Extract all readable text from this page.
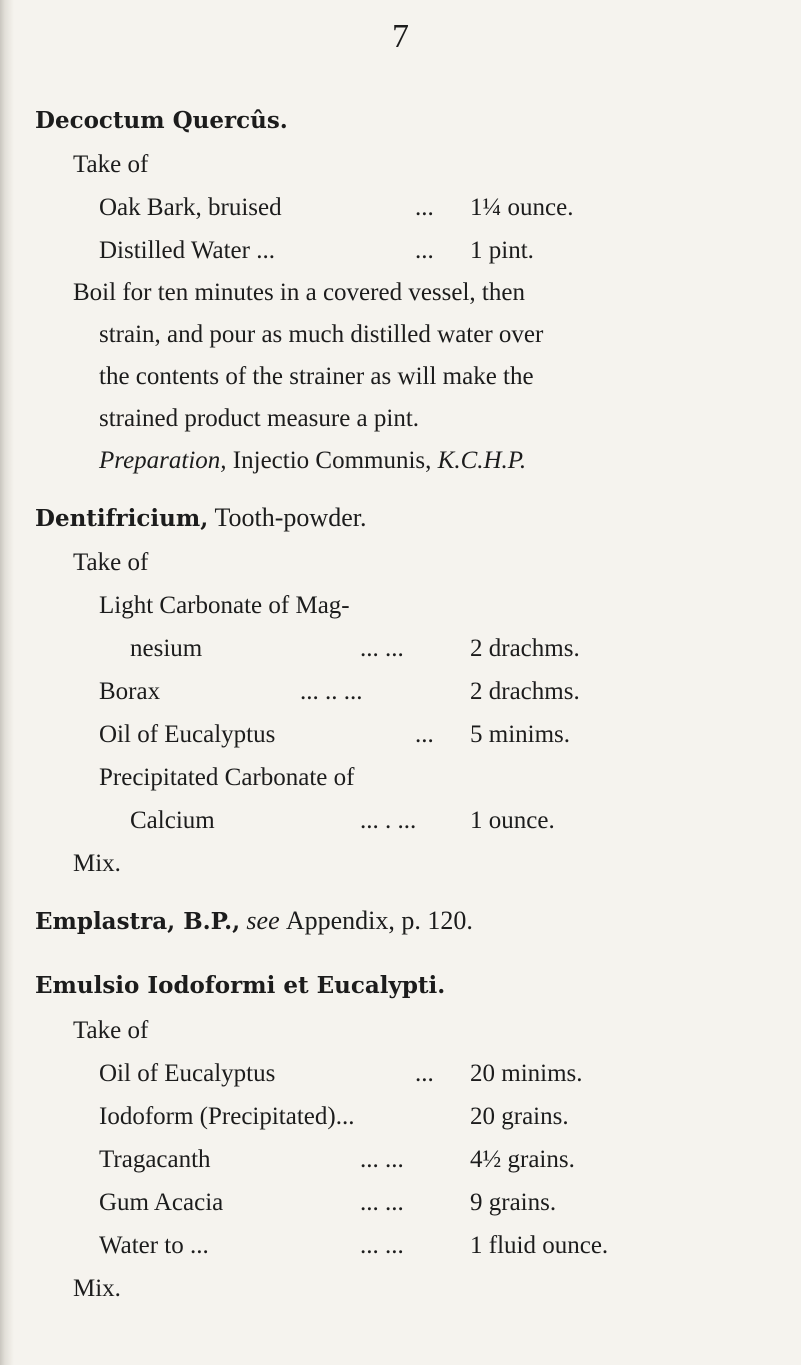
7
Decoctum Quercûs.
Take of
Oak Bark, bruised	... 1¼ ounce.
Distilled Water ...	... 1 pint.
Boil for ten minutes in a covered vessel, then
strain, and pour as much distilled water over
the contents of the strainer as will make the
strained product measure a pint.
Preparation, Injectio Communis, K.C.H.P.
Dentifricium, Tooth-powder.
Take of
Light Carbonate of Mag-
nesium	... ...	2 drachms.
Borax	... .. ...	2 drachms.
Oil of Eucalyptus	... 5 minims.
Precipitated Carbonate of
Calcium	... . ... 1 ounce.
Mix.
Emplastra, B.P., see Appendix, p. 120.
Emulsio Iodoformi et Eucalypti.
Take of
Oil of Eucalyptus	... 20 minims.
Iodoform (Precipitated)...	20 grains.
Tragacanth	... ...	4½ grains.
Gum Acacia	... ...	9 grains.
Water to ...	... ...	1 fluid ounce.
Mix.
